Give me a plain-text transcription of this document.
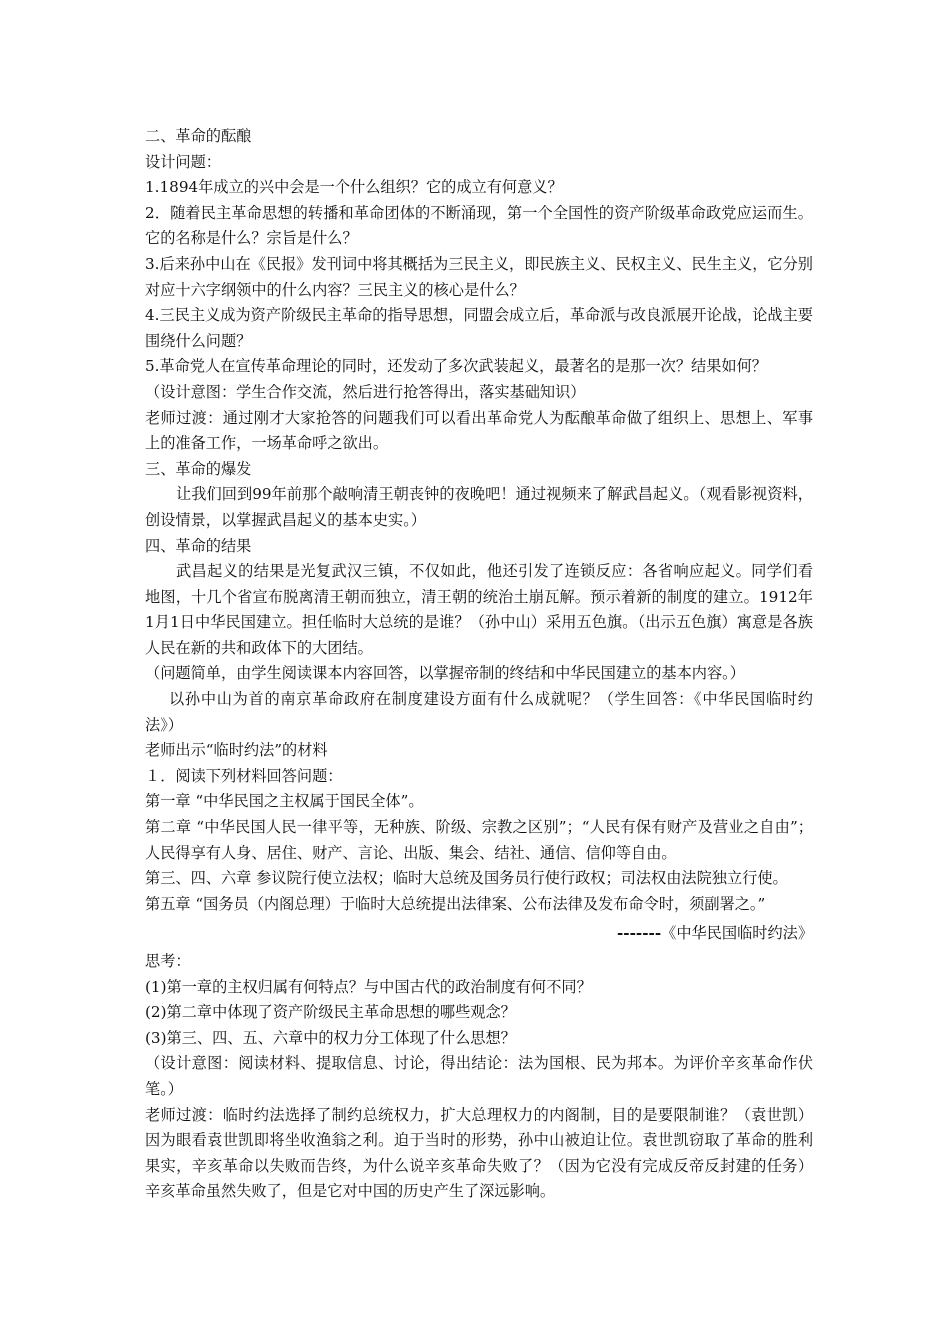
二、革命的酝酿

设计问题：

1.1894年成立的兴中会是一个什么组织？它的成立有何意义？

2．随着民主革命思想的转播和革命团体的不断涌现，第一个全国性的资产阶级革命政党应运而生。它的名称是什么？宗旨是什么？

3.后来孙中山在《民报》发刊词中将其概括为三民主义，即民族主义、民权主义、民生主义，它分别对应十六字纲领中的什么内容？三民主义的核心是什么？

4.三民主义成为资产阶级民主革命的指导思想，同盟会成立后，革命派与改良派展开论战，论战主要围绕什么问题？

5.革命党人在宣传革命理论的同时，还发动了多次武装起义，最著名的是那一次？结果如何？

（设计意图：学生合作交流，然后进行抢答得出，落实基础知识）

老师过渡：通过刚才大家抢答的问题我们可以看出革命党人为酝酿革命做了组织上、思想上、军事上的准备工作，一场革命呼之欲出。

三、革命的爆发

让我们回到99年前那个敲响清王朝丧钟的夜晚吧！通过视频来了解武昌起义。（观看影视资料，创设情景，以掌握武昌起义的基本史实。）

四、革命的结果

武昌起义的结果是光复武汉三镇，不仅如此，他还引发了连锁反应：各省响应起义。同学们看地图，十几个省宣布脱离清王朝而独立，清王朝的统治土崩瓦解。预示着新的制度的建立。1912年1月1日中华民国建立。担任临时大总统的是谁？（孙中山）采用五色旗。（出示五色旗）寓意是各族人民在新的共和政体下的大团结。

（问题简单，由学生阅读课本内容回答，以掌握帝制的终结和中华民国建立的基本内容。）

以孙中山为首的南京革命政府在制度建设方面有什么成就呢？（学生回答：《中华民国临时约法》）

老师出示“临时约法”的材料

１．阅读下列材料回答问题：

第一章 “中华民国之主权属于国民全体”。

第二章 “中华民国人民一律平等，无种族、阶级、宗教之区别”；“人民有保有财产及营业之自由”；人民得享有人身、居住、财产、言论、出版、集会、结社、通信、信仰等自由。

第三、四、六章 参议院行使立法权；临时大总统及国务员行使行政权；司法权由法院独立行使。

第五章 “国务员（内阁总理）于临时大总统提出法律案、公布法律及发布命令时，须副署之。”

-------《中华民国临时约法》

思考：

(1)第一章的主权归属有何特点？与中国古代的政治制度有何不同？

(2)第二章中体现了资产阶级民主革命思想的哪些观念？

(3)第三、四、五、六章中的权力分工体现了什么思想？

（设计意图：阅读材料、提取信息、讨论，得出结论：法为国根、民为邦本。为评价辛亥革命作伏笔。）

老师过渡：临时约法选择了制约总统权力，扩大总理权力的内阁制，目的是要限制谁？（袁世凯）因为眼看袁世凯即将坐收渔翁之利。迫于当时的形势，孙中山被迫让位。袁世凯窃取了革命的胜利果实，辛亥革命以失败而告终，为什么说辛亥革命失败了？（因为它没有完成反帝反封建的任务）辛亥革命虽然失败了，但是它对中国的历史产生了深远影响。
